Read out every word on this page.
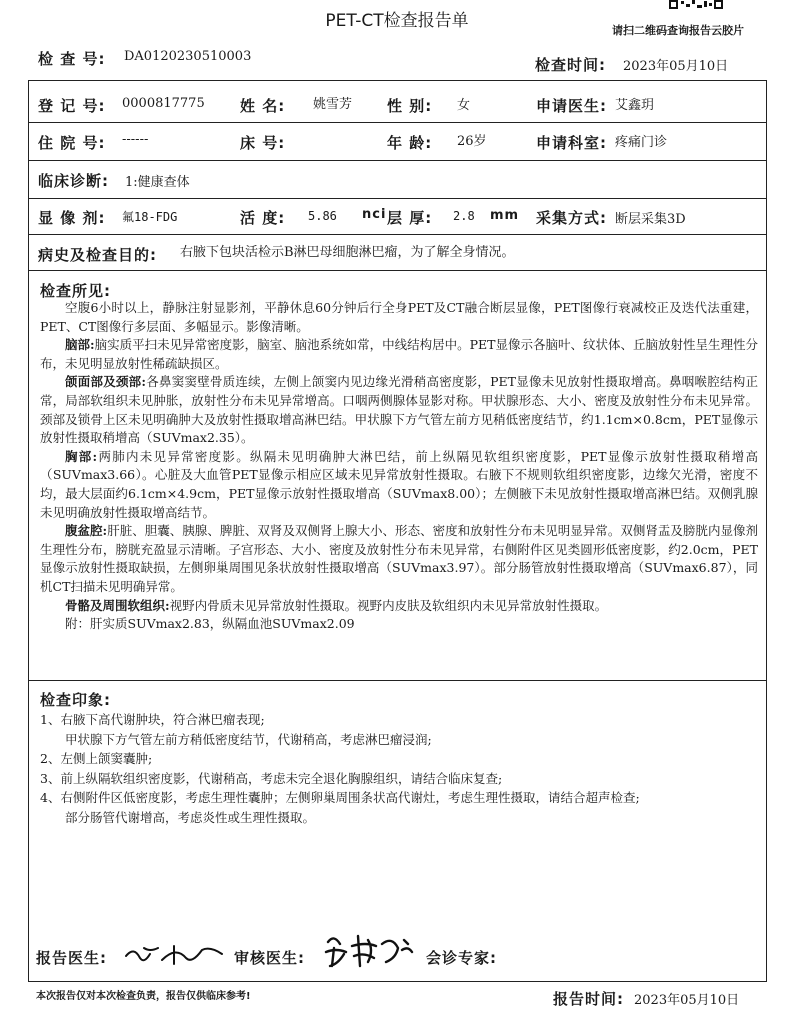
PET-CT检查报告单	请扫二维码查询报告云胶片
检 查 号: DA0120230510003	检查时间: 2023年05月10日
登 记 号: 0000817775 姓 名: 姚雪芳 性 别: 女	申请医生: 艾鑫玥
住 院 号: ------	床 号:	年 龄: 26岁	申请科室: 疼痛门诊
临床诊断: 1:健康查体
显 像 剂: 氟18-FDG	活 度: 5.86 nci 层 厚: 2.8 mm 采集方式: 断层采集3D
病史及检查目的: 右腋下包块活检示B淋巴母细胞淋巴瘤，为了解全身情况。
检查所见:

空腹6小时以上，静脉注射显影剂，平静休息60分钟后行全身PET及CT融合断层显像，PET图像行衰减校正及迭代法重建，PET、CT图像行多层面、多幅显示。影像清晰。

脑部:脑实质平扫未见异常密度影，脑室、脑池系统如常，中线结构居中。PET显像示各脑叶、纹状体、丘脑放射性呈生理性分布，未见明显放射性稀疏缺损区。

颌面部及颈部:各鼻窦窦壁骨质连续，左侧上颌窦内见边缘光滑稍高密度影，PET显像未见放射性摄取增高。鼻咽喉腔结构正常，局部软组织未见肿胀，放射性分布未见异常增高。口咽两侧腺体显影对称。甲状腺形态、大小、密度及放射性分布未见异常。颈部及锁骨上区未见明确肿大及放射性摄取增高淋巴结。甲状腺下方气管左前方见稍低密度结节，约1.1cm×0.8cm，PET显像示放射性摄取稍增高（SUVmax2.35）。

胸部:两肺内未见异常密度影。纵隔未见明确肿大淋巴结，前上纵隔见软组织密度影，PET显像示放射性摄取稍增高（SUVmax3.66）。心脏及大血管PET显像示相应区域未见异常放射性摄取。右腋下不规则软组织密度影，边缘欠光滑，密度不均，最大层面约6.1cm×4.9cm，PET显像示放射性摄取增高（SUVmax8.00）；左侧腋下未见放射性摄取增高淋巴结。双侧乳腺未见明确放射性摄取增高结节。

腹盆腔:肝脏、胆囊、胰腺、脾脏、双肾及双侧肾上腺大小、形态、密度和放射性分布未见明显异常。双侧肾盂及膀胱内显像剂生理性分布，膀胱充盈显示清晰。子宫形态、大小、密度及放射性分布未见异常，右侧附件区见类圆形低密度影，约2.0cm，PET显像示放射性摄取缺损，左侧卵巢周围见条状放射性摄取增高（SUVmax3.97）。部分肠管放射性摄取增高（SUVmax6.87），同机CT扫描未见明确异常。

骨骼及周围软组织:视野内骨质未见异常放射性摄取。视野内皮肤及软组织内未见异常放射性摄取。

附：肝实质SUVmax2.83，纵隔血池SUVmax2.09

检查印象:

1、右腋下高代谢肿块，符合淋巴瘤表现;

甲状腺下方气管左前方稍低密度结节，代谢稍高，考虑淋巴瘤浸润;

2、左侧上颌窦囊肿;

3、前上纵隔软组织密度影，代谢稍高，考虑未完全退化胸腺组织，请结合临床复查;

4、右侧附件区低密度影，考虑生理性囊肿；左侧卵巢周围条状高代谢灶，考虑生理性摄取，请结合超声检查;

部分肠管代谢增高，考虑炎性或生理性摄取。

报告医生:	审核医生:	会诊专家:
本次报告仅对本次检查负责，报告仅供临床参考!	报告时间: 2023年05月10日
